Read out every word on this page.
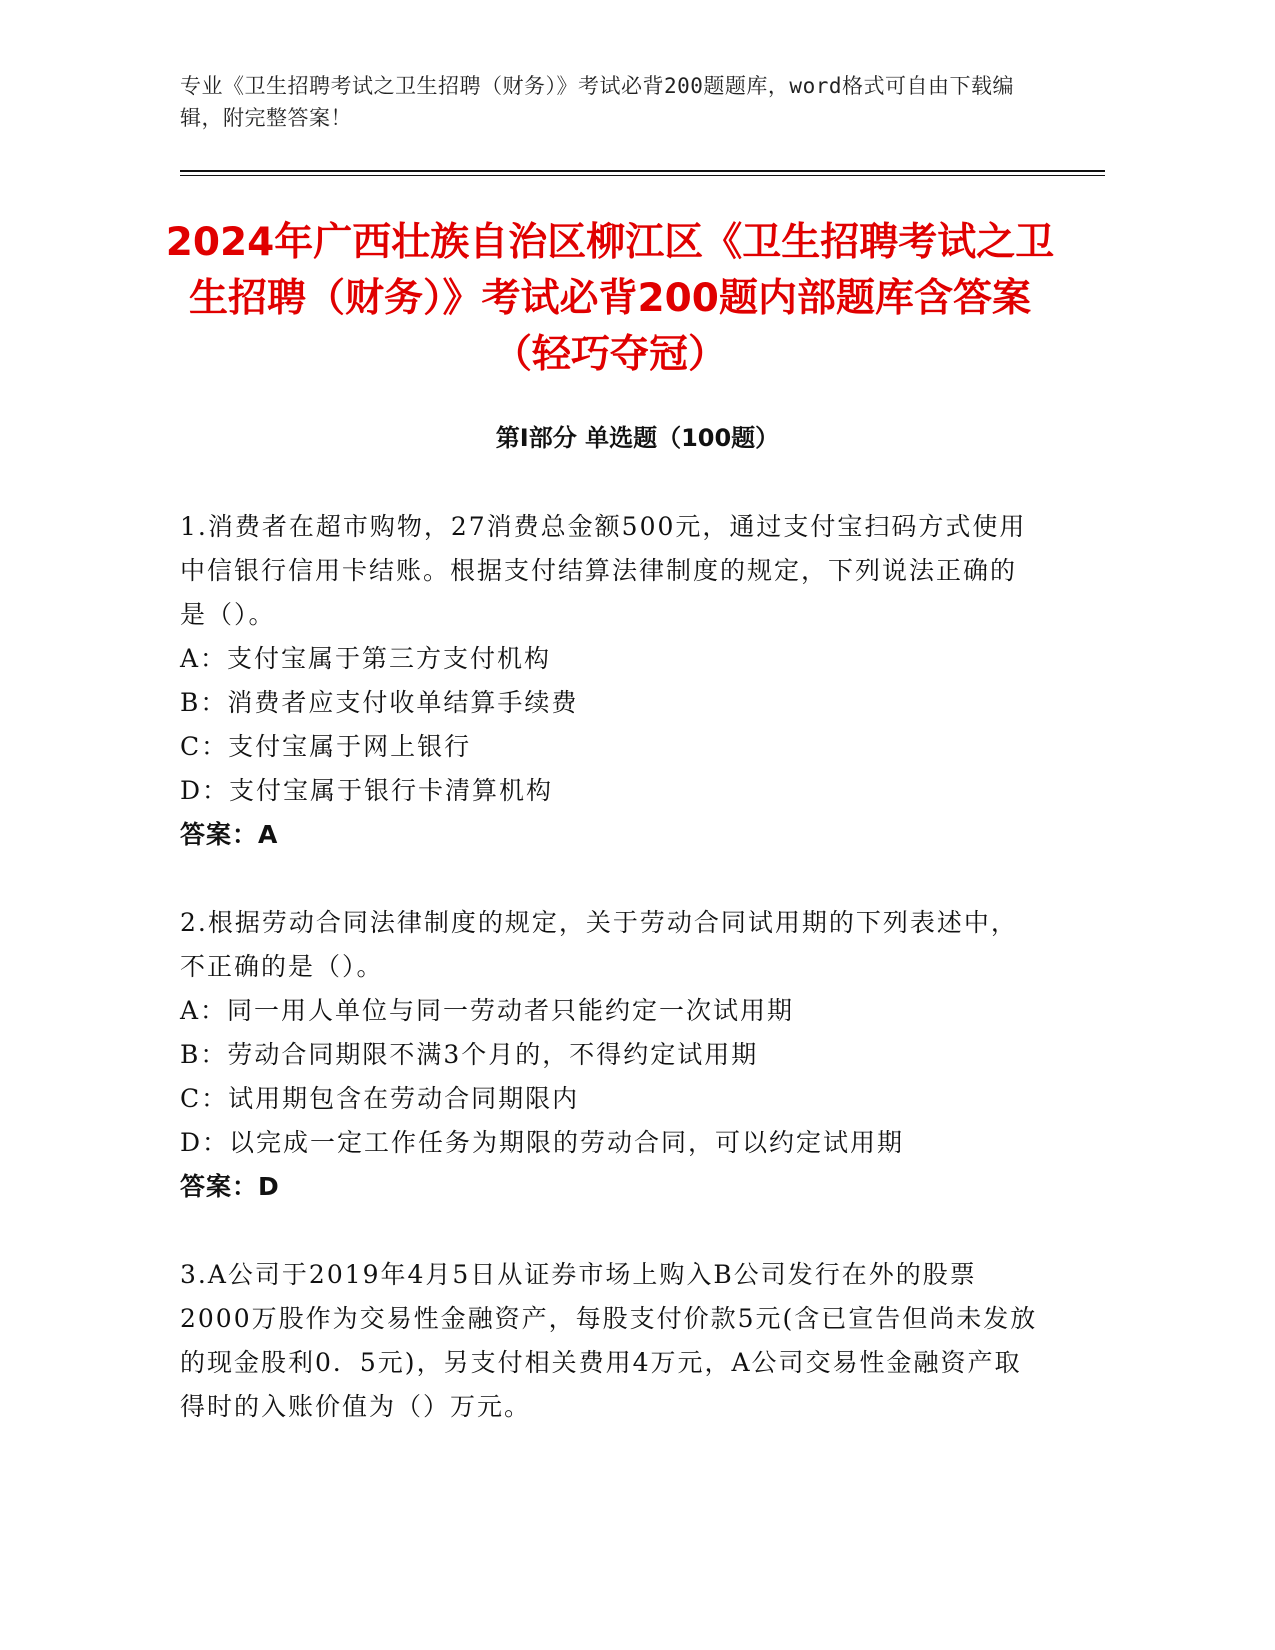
专业《卫生招聘考试之卫生招聘（财务）》考试必背200题题库，word格式可自由下载编辑，附完整答案！
2024年广西壮族自治区柳江区《卫生招聘考试之卫生招聘（财务）》考试必背200题内部题库含答案（轻巧夺冠）
第Ⅰ部分 单选题（100题）

1.消费者在超市购物，27消费总金额500元，通过支付宝扫码方式使用中信银行信用卡结账。根据支付结算法律制度的规定，下列说法正确的是（）。

A：支付宝属于第三方支付机构

B：消费者应支付收单结算手续费

C：支付宝属于网上银行

D：支付宝属于银行卡清算机构

答案：A

2.根据劳动合同法律制度的规定，关于劳动合同试用期的下列表述中，不正确的是（）。

A：同一用人单位与同一劳动者只能约定一次试用期

B：劳动合同期限不满3个月的，不得约定试用期

C：试用期包含在劳动合同期限内

D：以完成一定工作任务为期限的劳动合同，可以约定试用期

答案：D

3.A公司于2019年4月5日从证券市场上购入B公司发行在外的股票2000万股作为交易性金融资产，每股支付价款5元(含已宣告但尚未发放的现金股利0．5元)，另支付相关费用4万元，A公司交易性金融资产取得时的入账价值为（）万元。
